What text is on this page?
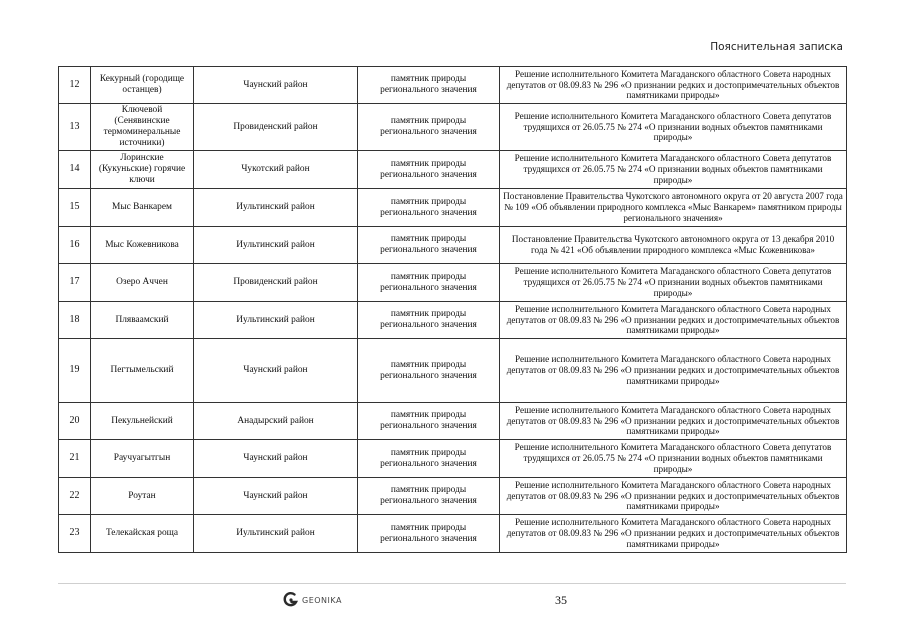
Пояснительная записка
12	Кекурный (городище останцев)	Чаунский район	памятник природы регионального значения	Решение исполнительного Комитета Магаданского областного Совета народных депутатов от 08.09.83 № 296 «О признании редких и достопримечательных объектов памятниками природы»
13	Ключевой (Сенявинские термоминеральные источники)	Провиденский район	памятник природы регионального значения	Решение исполнительного Комитета Магаданского областного Совета депутатов трудящихся от 26.05.75 № 274 «О признании водных объектов памятниками природы»
14	Лоринские (Кукуньские) горячие ключи	Чукотский район	памятник природы регионального значения	Решение исполнительного Комитета Магаданского областного Совета депутатов трудящихся от 26.05.75 № 274 «О признании водных объектов памятниками природы»
15	Мыс Ванкарем	Иультинский район	памятник природы регионального значения	Постановление Правительства Чукотского автономного округа от 20 августа 2007 года № 109 «Об объявлении природного комплекса «Мыс Ванкарем» памятником природы регионального значения»
16	Мыс Кожевникова	Иультинский район	памятник природы регионального значения	Постановление Правительства Чукотского автономного округа от 13 декабря 2010 года № 421 «Об объявлении природного комплекса «Мыс Кожевникова»
17	Озеро Аччен	Провиденский район	памятник природы регионального значения	Решение исполнительного Комитета Магаданского областного Совета депутатов трудящихся от 26.05.75 № 274 «О признании водных объектов памятниками природы»
18	Пляваамский	Иультинский район	памятник природы регионального значения	Решение исполнительного Комитета Магаданского областного Совета народных депутатов от 08.09.83 № 296 «О признании редких и достопримечательных объектов памятниками природы»
19	Пегтымельский	Чаунский район	памятник природы регионального значения	Решение исполнительного Комитета Магаданского областного Совета народных депутатов от 08.09.83 № 296 «О признании редких и достопримечательных объектов памятниками природы»
20	Пекульнейский	Анадырский район	памятник природы регионального значения	Решение исполнительного Комитета Магаданского областного Совета народных депутатов от 08.09.83 № 296 «О признании редких и достопримечательных объектов памятниками природы»
21	Раучуагытгын	Чаунский район	памятник природы регионального значения	Решение исполнительного Комитета Магаданского областного Совета депутатов трудящихся от 26.05.75 № 274 «О признании водных объектов памятниками природы»
22	Роутан	Чаунский район	памятник природы регионального значения	Решение исполнительного Комитета Магаданского областного Совета народных депутатов от 08.09.83 № 296 «О признании редких и достопримечательных объектов памятниками природы»
23	Телекайская роща	Иультинский район	памятник природы регионального значения	Решение исполнительного Комитета Магаданского областного Совета народных депутатов от 08.09.83 № 296 «О признании редких и достопримечательных объектов памятниками природы»
GEONIKA	35
